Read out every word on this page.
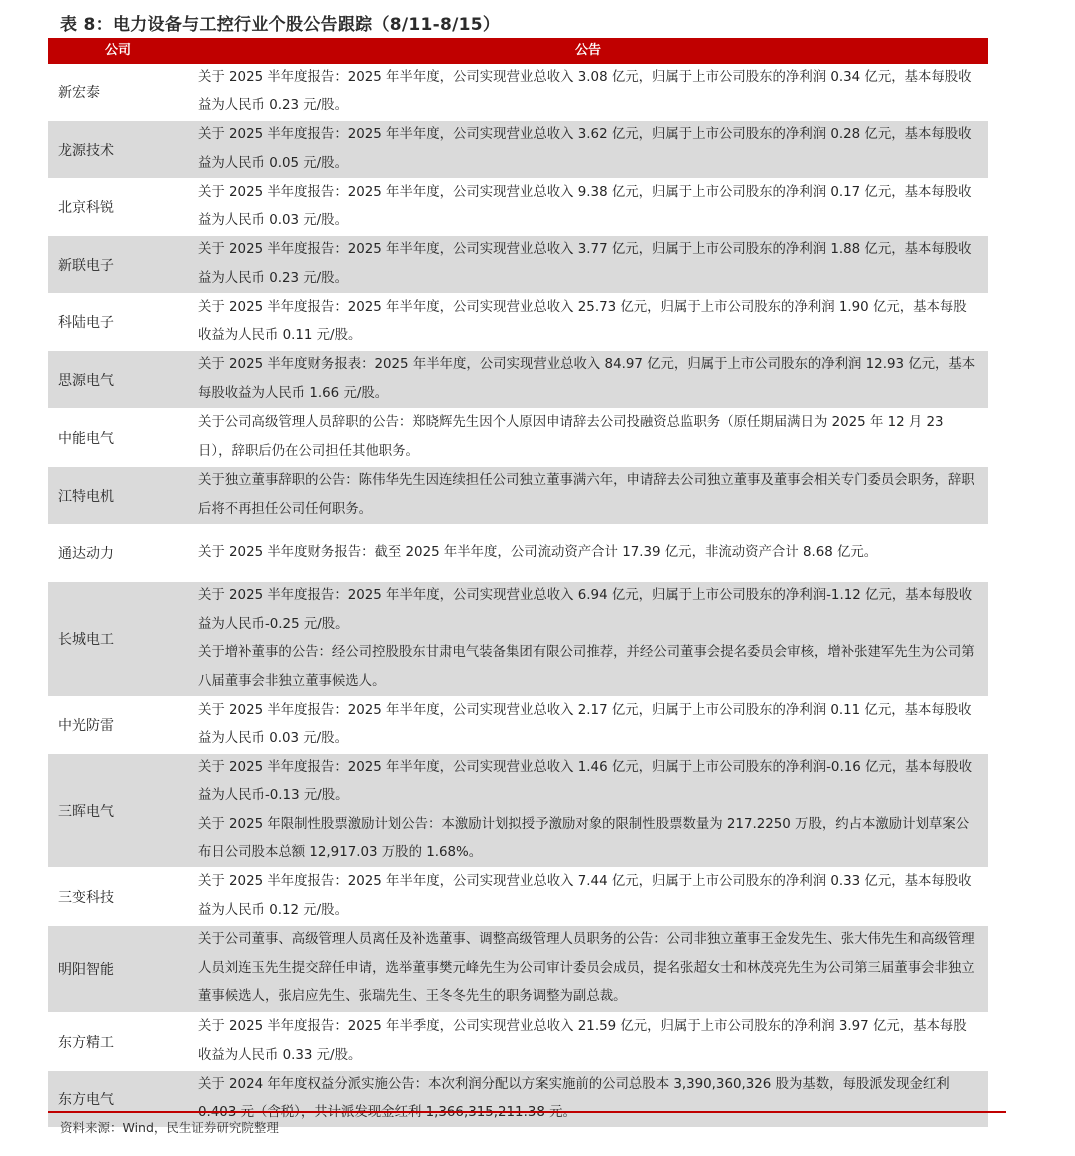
表 8：电力设备与工控行业个股公告跟踪（8/11-8/15）
公司	公告
新宏泰

关于 2025 半年度报告：2025 年半年度，公司实现营业总收入 3.08 亿元，归属于上市公司股东的净利润 0.34 亿元，基本每股收益为人民币 0.23 元/股。

龙源技术

关于 2025 半年度报告：2025 年半年度，公司实现营业总收入 3.62 亿元，归属于上市公司股东的净利润 0.28 亿元，基本每股收益为人民币 0.05 元/股。

北京科锐

关于 2025 半年度报告：2025 年半年度，公司实现营业总收入 9.38 亿元，归属于上市公司股东的净利润 0.17 亿元，基本每股收益为人民币 0.03 元/股。

新联电子

关于 2025 半年度报告：2025 年半年度，公司实现营业总收入 3.77 亿元，归属于上市公司股东的净利润 1.88 亿元，基本每股收益为人民币 0.23 元/股。

科陆电子

关于 2025 半年度报告：2025 年半年度，公司实现营业总收入 25.73 亿元，归属于上市公司股东的净利润 1.90 亿元，基本每股收益为人民币 0.11 元/股。

思源电气

关于 2025 半年度财务报表：2025 年半年度，公司实现营业总收入 84.97 亿元，归属于上市公司股东的净利润 12.93 亿元，基本每股收益为人民币 1.66 元/股。

中能电气

关于公司高级管理人员辞职的公告：郑晓辉先生因个人原因申请辞去公司投融资总监职务（原任期届满日为 2025 年 12 月 23 日），辞职后仍在公司担任其他职务。

江特电机

关于独立董事辞职的公告：陈伟华先生因连续担任公司独立董事满六年，申请辞去公司独立董事及董事会相关专门委员会职务，辞职后将不再担任公司任何职务。

通达动力	关于 2025 半年度财务报告：截至 2025 年半年度，公司流动资产合计 17.39 亿元，非流动资产合计 8.68 亿元。

长城电工

关于 2025 半年度报告：2025 年半年度，公司实现营业总收入 6.94 亿元，归属于上市公司股东的净利润-1.12 亿元，基本每股收益为人民币-0.25 元/股。

关于增补董事的公告：经公司控股股东甘肃电气装备集团有限公司推荐，并经公司董事会提名委员会审核，增补张建军先生为公司第八届董事会非独立董事候选人。

中光防雷

关于 2025 半年度报告：2025 年半年度，公司实现营业总收入 2.17 亿元，归属于上市公司股东的净利润 0.11 亿元，基本每股收益为人民币 0.03 元/股。

三晖电气

关于 2025 半年度报告：2025 年半年度，公司实现营业总收入 1.46 亿元，归属于上市公司股东的净利润-0.16 亿元，基本每股收益为人民币-0.13 元/股。

关于 2025 年限制性股票激励计划公告：本激励计划拟授予激励对象的限制性股票数量为 217.2250 万股，约占本激励计划草案公布日公司股本总额 12,917.03 万股的 1.68%。

三变科技

关于 2025 半年度报告：2025 年半年度，公司实现营业总收入 7.44 亿元，归属于上市公司股东的净利润 0.33 亿元，基本每股收益为人民币 0.12 元/股。

明阳智能

关于公司董事、高级管理人员离任及补选董事、调整高级管理人员职务的公告：公司非独立董事王金发先生、张大伟先生和高级管理人员刘连玉先生提交辞任申请，选举董事樊元峰先生为公司审计委员会成员，提名张超女士和林茂亮先生为公司第三届董事会非独立董事候选人，张启应先生、张瑞先生、王冬冬先生的职务调整为副总裁。

东方精工

关于 2025 半年度报告：2025 年半季度，公司实现营业总收入 21.59 亿元，归属于上市公司股东的净利润 3.97 亿元，基本每股收益为人民币 0.33 元/股。

东方电气

关于 2024 年年度权益分派实施公告：本次利润分配以方案实施前的公司总股本 3,390,360,326 股为基数，每股派发现金红利

资料来源：Wind，民生证券研究院整理
